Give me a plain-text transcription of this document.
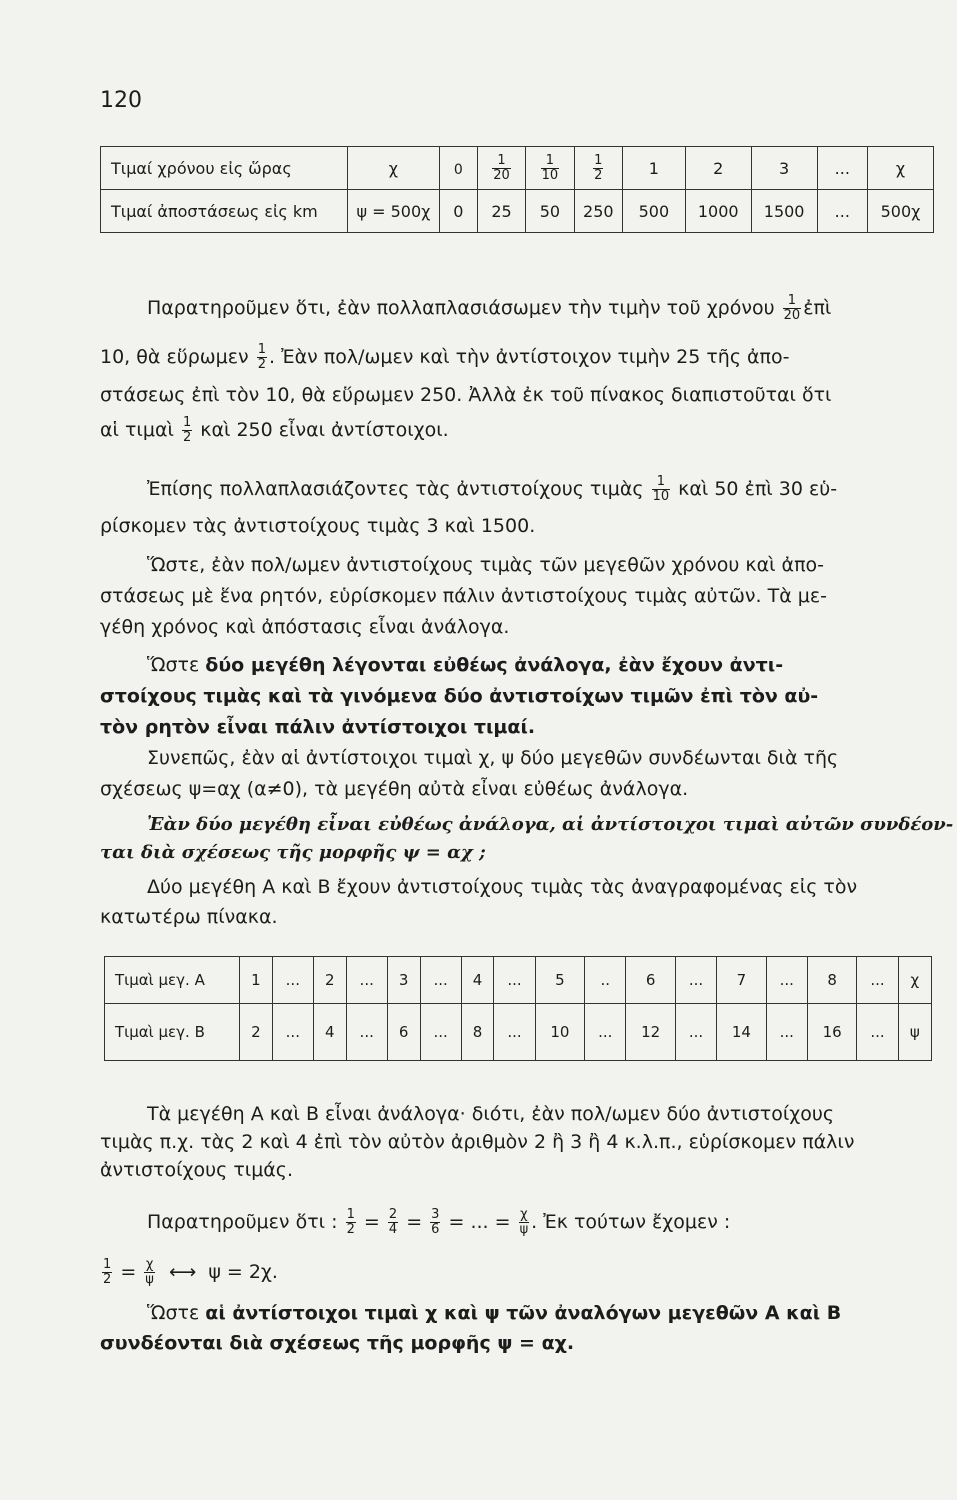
120
Τιμαί χρόνου εἰς ὥρας	χ	0	$\frac{1}{20}$	$\frac{1}{10}$	$\frac{1}{2}$	1	2	3	...	χ
Τιμαί ἀποστάσεως εἰς km	ψ = 500χ	0	25	50	250	500	1000	1500	...	500χ
Παρατηροῦμεν ὅτι, ἐὰν πολλαπλασιάσωμεν τὴν τιμὴν τοῦ χρόνου $\frac{1}{20}$ ἐπὶ
10, θὰ εὕρωμεν $\frac{1}{2}$ . Ἐὰν πολ/ωμεν καὶ τὴν ἀντίστοιχον τιμὴν 25 τῆς ἀπο-
στάσεως ἐπὶ τὸν 10, θὰ εὕρωμεν 250. Ἀλλὰ ἐκ τοῦ πίνακος διαπιστοῦται ὅτι
αἱ τιμαὶ $\frac{1}{2}$ καὶ 250 εἶναι ἀντίστοιχοι.
Ἐπίσης πολλαπλασιάζοντες τὰς ἀντιστοίχους τιμὰς $\frac{1}{10}$ καὶ 50 ἐπὶ 30 εὑ-
ρίσκομεν τὰς ἀντιστοίχους τιμὰς 3 καὶ 1500.
Ὥστε, ἐὰν πολ/ωμεν ἀντιστοίχους τιμὰς τῶν μεγεθῶν χρόνου καὶ ἀπο-
στάσεως μὲ ἕνα ρητόν, εὑρίσκομεν πάλιν ἀντιστοίχους τιμὰς αὐτῶν. Τὰ με-
γέθη χρόνος καὶ ἀπόστασις εἶναι ἀνάλογα.
Ὥστε δύο μεγέθη λέγονται εὐθέως ἀνάλογα, ἐὰν ἔχουν ἀντι-
στοίχους τιμὰς καὶ τὰ γινόμενα δύο ἀντιστοίχων τιμῶν ἐπὶ τὸν αὐ-
τὸν ρητὸν εἶναι πάλιν ἀντίστοιχοι τιμαί.
Συνεπῶς, ἐὰν αἱ ἀντίστοιχοι τιμαὶ χ, ψ δύο μεγεθῶν συνδέωνται διὰ τῆς
σχέσεως ψ=αχ (α≠0), τὰ μεγέθη αὐτὰ εἶναι εὐθέως ἀνάλογα.
Ἐὰν δύο μεγέθη εἶναι εὐθέως ἀνάλογα, αἱ ἀντίστοιχοι τιμαὶ αὐτῶν συνδέον-
ται διὰ σχέσεως τῆς μορφῆς ψ = αχ ;
Δύο μεγέθη Α καὶ Β ἔχουν ἀντιστοίχους τιμὰς τὰς ἀναγραφομένας εἰς τὸν
κατωτέρω πίνακα.
Τιμαὶ μεγ. Α	1	...	2	...	3	...	4	...	5	..	6	...	7	...	8	...	χ
Τιμαὶ μεγ. Β	2	...	4	...	6	...	8	...	10	...	12	...	14	...	16	...	ψ
Τὰ μεγέθη Α καὶ Β εἶναι ἀνάλογα· διότι, ἐὰν πολ/ωμεν δύο ἀντιστοίχους
τιμὰς π.χ. τὰς 2 καὶ 4 ἐπὶ τὸν αὐτὸν ἀριθμὸν 2 ἢ 3 ἢ 4 κ.λ.π., εὑρίσκομεν πάλιν
ἀντιστοίχους τιμάς.
Παρατηροῦμεν ὅτι : $\frac{1}{2} = \frac{2}{4} = \frac{3}{6}$ = ... = $\frac{\chi}{\psi}$ . Ἐκ τούτων ἔχομεν :
$\frac{1}{2} = \frac{\chi}{\psi}$ ⟷ ψ = 2χ.
Ὥστε αἱ ἀντίστοιχοι τιμαὶ χ καὶ ψ τῶν ἀναλόγων μεγεθῶν Α καὶ Β
συνδέονται διὰ σχέσεως τῆς μορφῆς ψ = αχ.
